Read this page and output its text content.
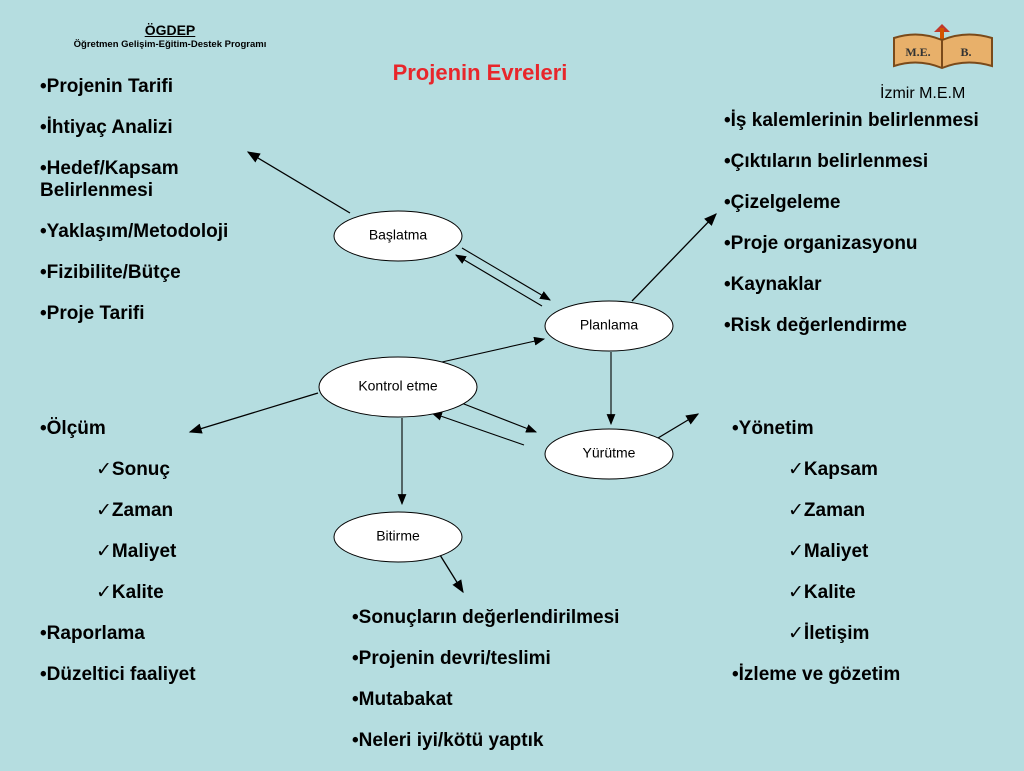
ÖGDEP
Öğretmen Gelişim-Eğitim-Destek Programı
Projenin Evreleri
M.E. B.
İzmir M.E.M
Başlatma
Planlama
Kontrol etme
Yürütme
Bitirme
• Projenin Tarifi
• İhtiyaç Analizi
• Hedef/Kapsam Belirlenmesi
• Yaklaşım/Metodoloji
• Fizibilite/Bütçe
• Proje Tarifi
• İş kalemlerinin belirlenmesi
• Çıktıların belirlenmesi
• Çizelgeleme
• Proje organizasyonu
• Kaynaklar
• Risk değerlendirme
• Ölçüm
✓ Sonuç
✓ Zaman
✓ Maliyet
✓ Kalite
• Raporlama
• Düzeltici faaliyet
• Yönetim
✓ Kapsam
✓ Zaman
✓ Maliyet
✓ Kalite
✓ İletişim
• İzleme ve gözetim
• Sonuçların değerlendirilmesi
• Projenin devri/teslimi
• Mutabakat
• Neleri iyi/kötü yaptık
